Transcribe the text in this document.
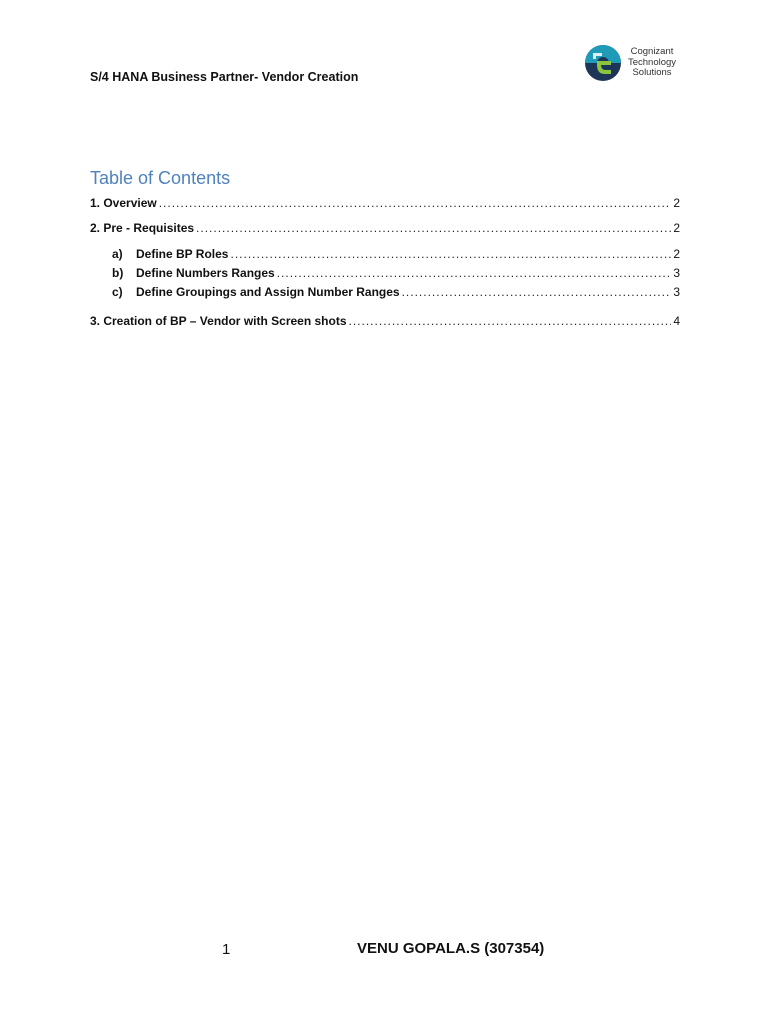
S/4 HANA Business Partner- Vendor Creation
Cognizant
Technology
Solutions
Table of Contents
1. Overview .....	2
2. Pre - Requisites .....	2
a)	Define BP Roles .....	2
b)	Define Numbers Ranges .....	3
c)	Define Groupings and Assign Number Ranges .....	3
3. Creation of BP – Vendor with Screen shots .....	4
1	VENU GOPALA.S (307354)
